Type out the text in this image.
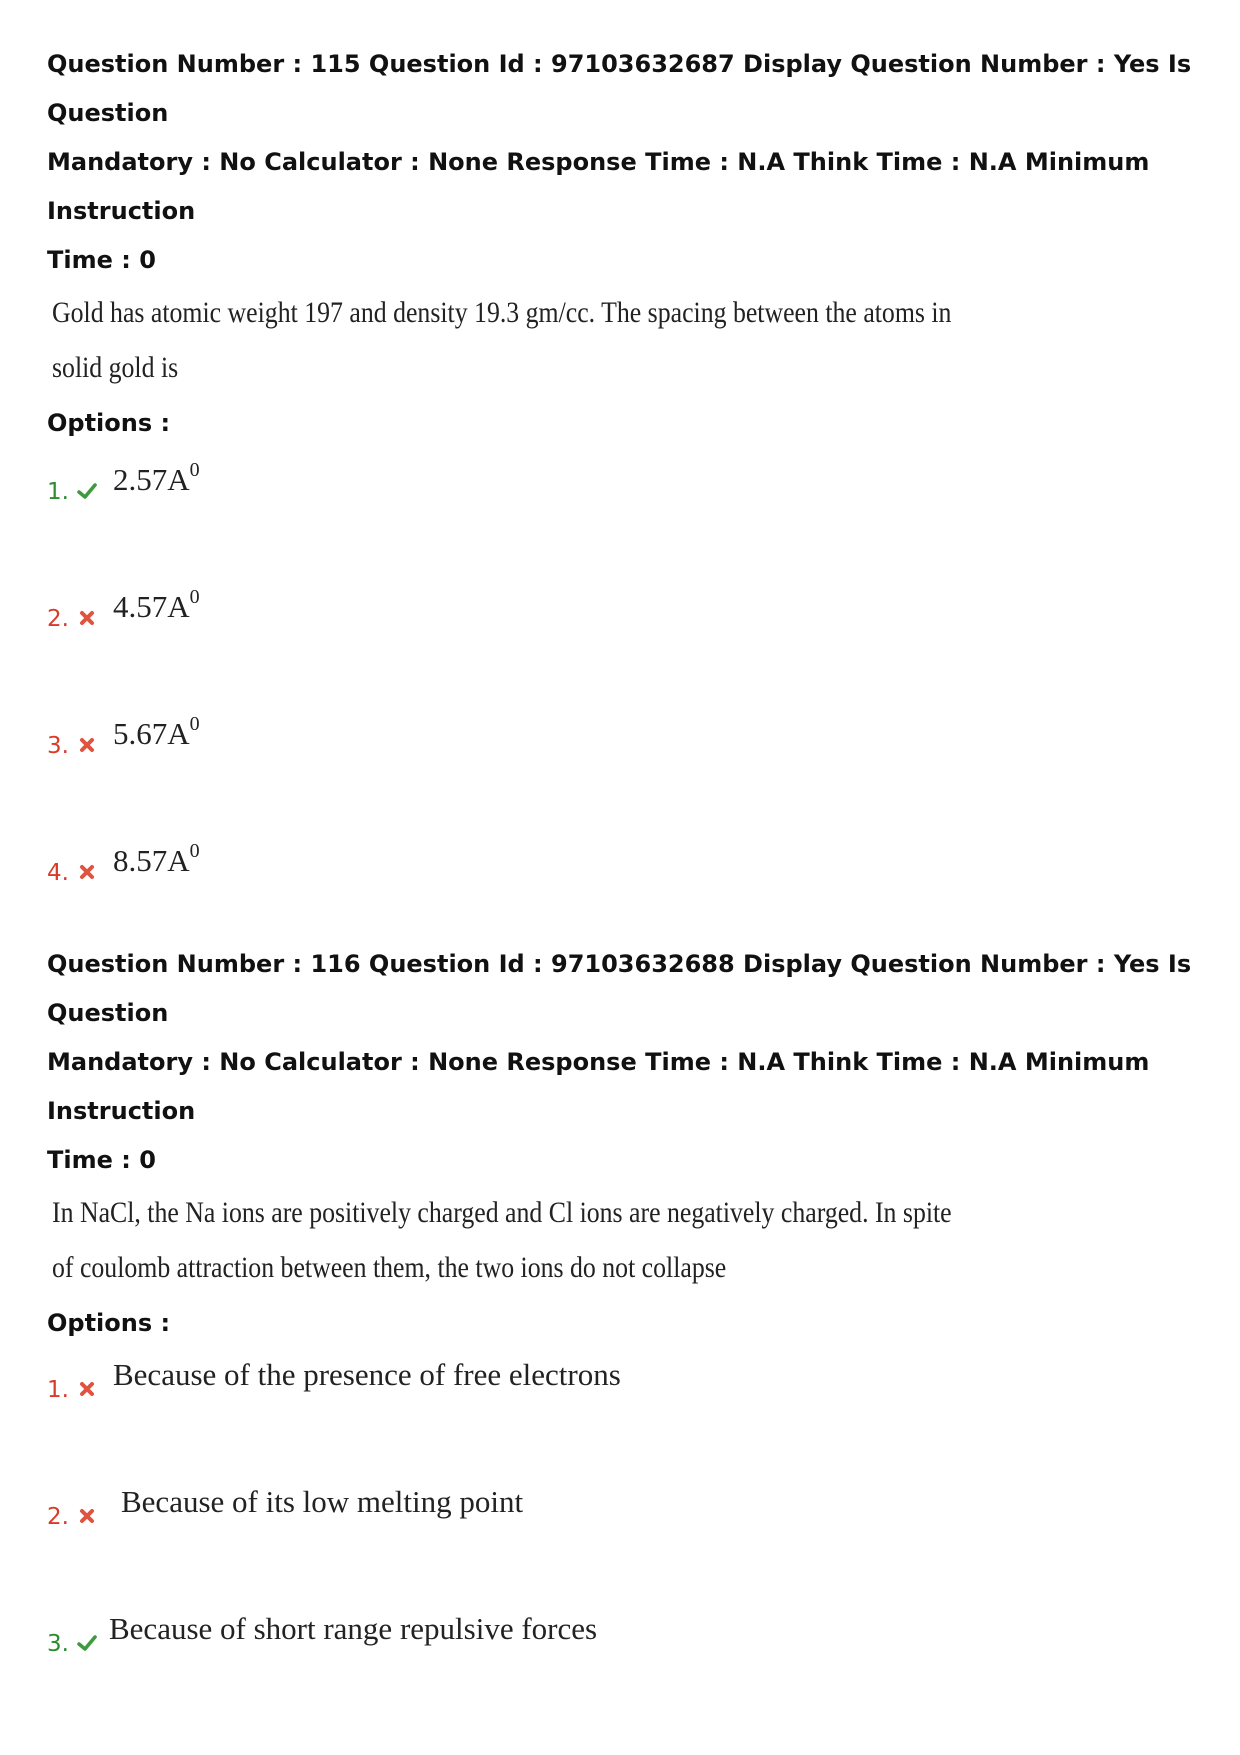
Question Number : 115 Question Id : 97103632687 Display Question Number : Yes Is Question

Mandatory : No Calculator : None Response Time : N.A Think Time : N.A Minimum Instruction

Time : 0

Gold has atomic weight 197 and density 19.3 gm/cc. The spacing between the atoms in

solid gold is

Options :

1. $2.57A^0$
2. $4.57A^0$
3. $5.67A^0$
4. $8.57A^0$

Question Number : 116 Question Id : 97103632688 Display Question Number : Yes Is Question

Mandatory : No Calculator : None Response Time : N.A Think Time : N.A Minimum Instruction

Time : 0

In NaCl, the Na ions are positively charged and Cl ions are negatively charged. In spite

of coulomb attraction between them, the two ions do not collapse

Options :

1. Because of the presence of free electrons
2. Because of its low melting point
3. Because of short range repulsive forces
